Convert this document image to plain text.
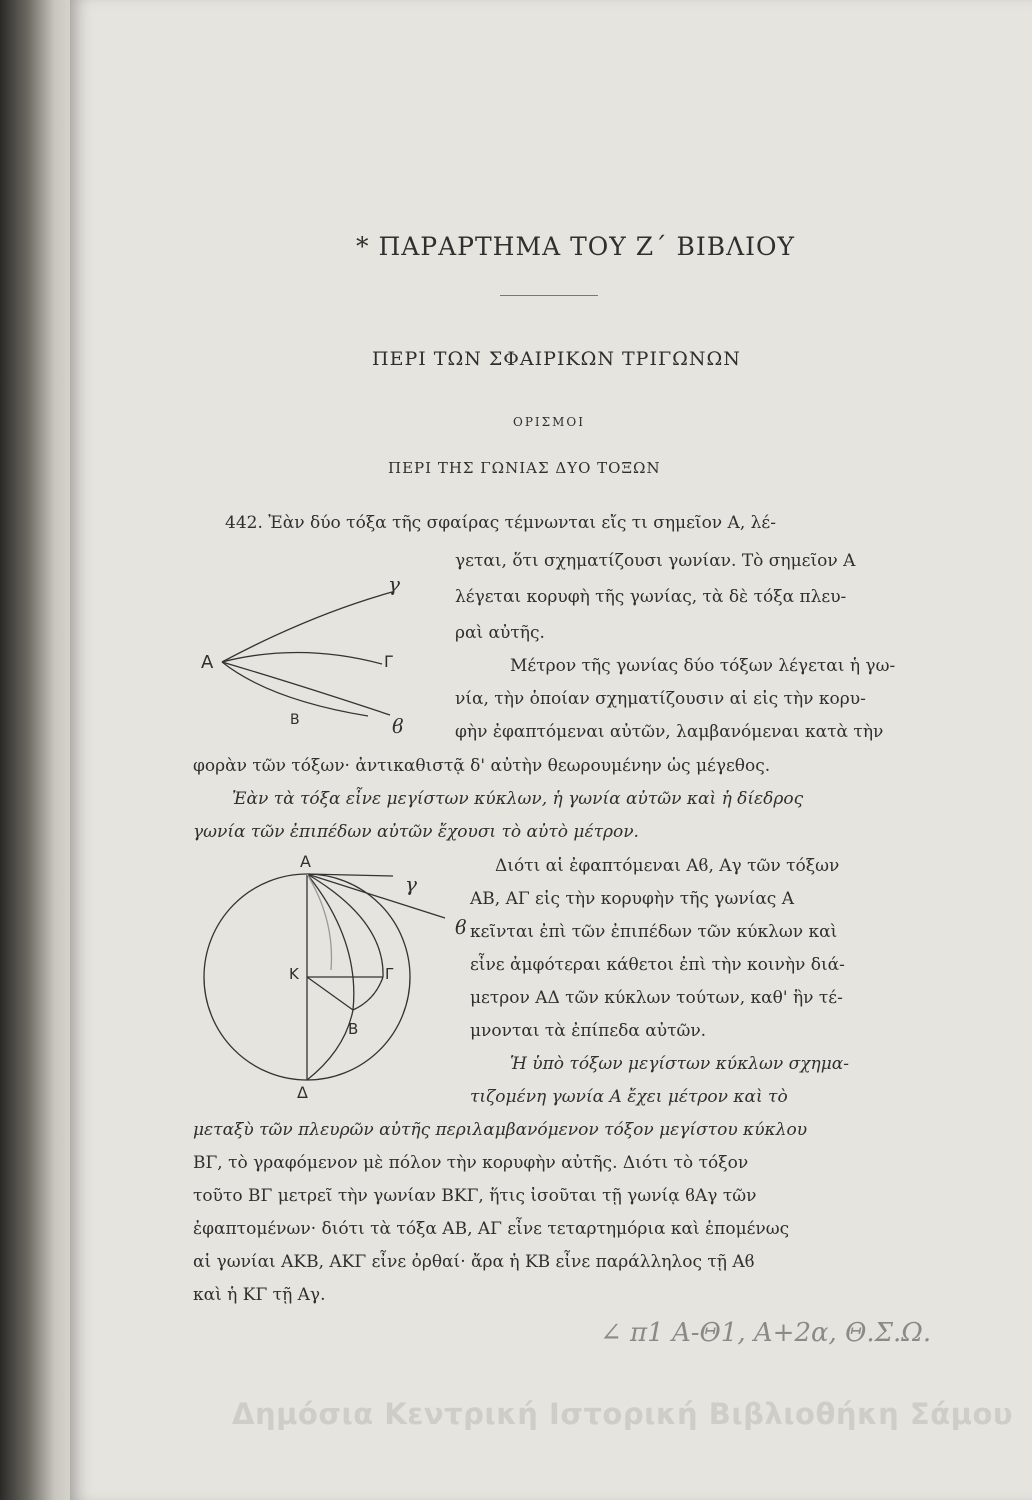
* ΠΑΡΑΡΤΗΜΑ ΤΟΥ Ζ΄ ΒΙΒΛΙΟΥ
ΠΕΡΙ ΤΩΝ ΣΦΑΙΡΙΚΩΝ ΤΡΙΓΩΝΩΝ
ΟΡΙΣΜΟΙ
ΠΕΡΙ ΤΗΣ ΓΩΝΙΑΣ ΔΥΟ ΤΟΞΩΝ
442. Ἐὰν δύο τόξα τῆς σφαίρας τέμνωνται εἴς τι σημεῖον Α, λέ-
γεται, ὅτι σχηματίζουσι γωνίαν. Τὸ σημεῖον Α
λέγεται κορυφὴ τῆς γωνίας, τὰ δὲ τόξα πλευ-
ραὶ αὐτῆς.
Μέτρον τῆς γωνίας δύο τόξων λέγεται ἡ γω-
νία, τὴν ὁποίαν σχηματίζουσιν αἱ εἰς τὴν κορυ-
φὴν ἐφαπτόμεναι αὐτῶν, λαμβανόμεναι κατὰ τὴν
φορὰν τῶν τόξων· ἀντικαθιστᾷ δ' αὐτὴν θεωρουμένην ὡς μέγεθος.
Ἐὰν τὰ τόξα εἶνε μεγίστων κύκλων, ἡ γωνία αὐτῶν καὶ ἡ δίεδρος
γωνία τῶν ἐπιπέδων αὐτῶν ἔχουσι τὸ αὐτὸ μέτρον.
Διότι αἱ ἐφαπτόμεναι Αϐ, Αγ τῶν τόξων
ΑΒ, ΑΓ εἰς τὴν κορυφὴν τῆς γωνίας Α
κεῖνται ἐπὶ τῶν ἐπιπέδων τῶν κύκλων καὶ
εἶνε ἀμφότεραι κάθετοι ἐπὶ τὴν κοινὴν διά-
μετρον ΑΔ τῶν κύκλων τούτων, καθ' ἣν τέ-
μνονται τὰ ἐπίπεδα αὐτῶν.
Ἡ ὑπὸ τόξων μεγίστων κύκλων σχημα-
τιζομένη γωνία Α ἔχει μέτρον καὶ τὸ
μεταξὺ τῶν πλευρῶν αὐτῆς περιλαμβανόμενον τόξον μεγίστου κύκλου
ΒΓ, τὸ γραφόμενον μὲ πόλον τὴν κορυφὴν αὐτῆς. Διότι τὸ τόξον
τοῦτο ΒΓ μετρεῖ τὴν γωνίαν ΒΚΓ, ἥτις ἰσοῦται τῇ γωνίᾳ ϐΑγ τῶν
ἐφαπτομένων· διότι τὰ τόξα ΑΒ, ΑΓ εἶνε τεταρτημόρια καὶ ἑπομένως
αἱ γωνίαι ΑΚΒ, ΑΚΓ εἶνε ὀρθαί· ἄρα ἡ ΚΒ εἶνε παράλληλος τῇ Αϐ
καὶ ἡ ΚΓ τῇ Αγ.
A
γ
Γ
B	ϐ
A
γ
ϐ
K	Γ
B
Δ
∠ π1 A-Θ1, A+2α, Θ.Σ.Ω.
Δημόσια Κεντρική Ιστορική Βιβλιοθήκη Σάμου
